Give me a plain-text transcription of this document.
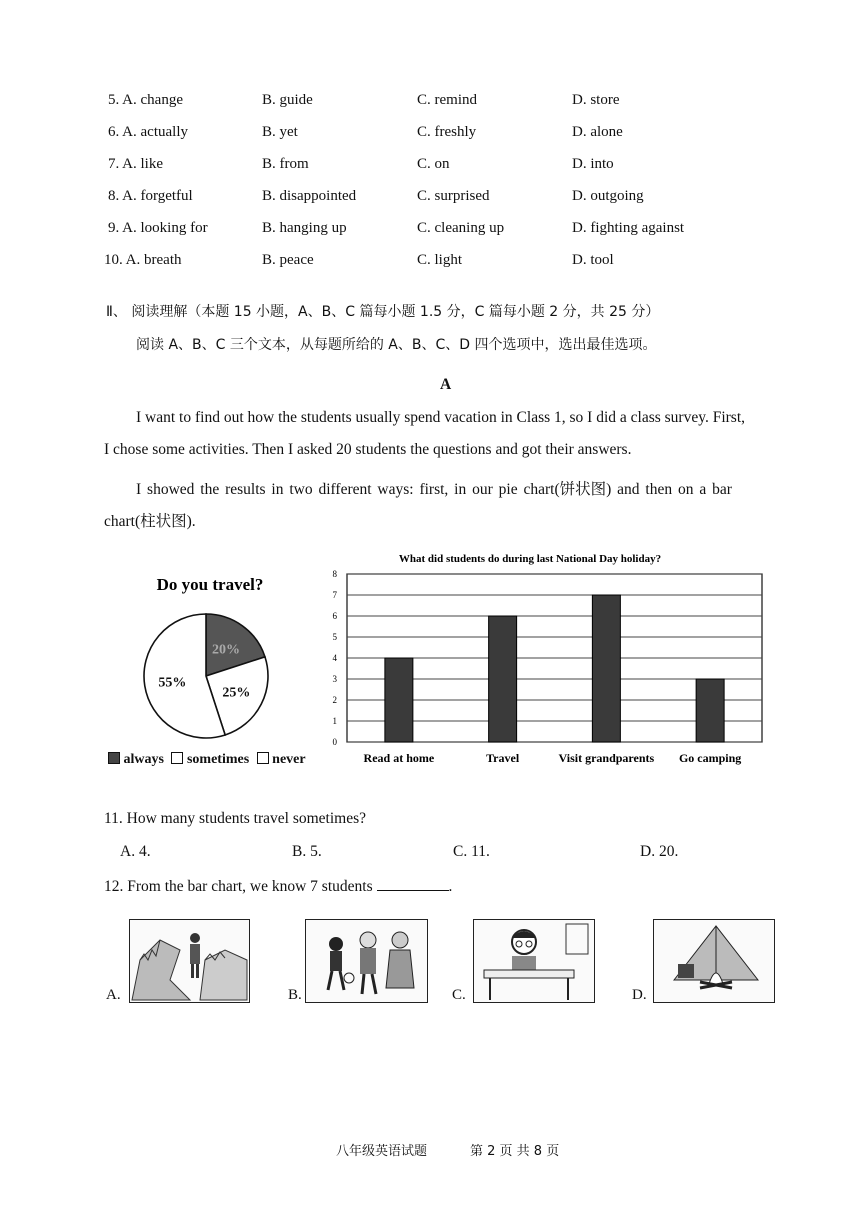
5. A. change	B. guide	C. remind	D. store
6. A. actually	B. yet	C. freshly	D. alone
7. A. like	B. from	C. on	D. into
8. A. forgetful	B. disappointed	C. surprised	D. outgoing
9. A. looking for	B. hanging up	C. cleaning up	D. fighting against
10. A. breath	B. peace	C. light	D. tool
Ⅱ、 阅读理解（本题 15 小题，A、B、C 篇每小题 1.5 分，C 篇每小题 2 分，共 25 分）
阅读 A、B、C 三个文本，从每题所给的 A、B、C、D 四个选项中，选出最佳选项。
A
I want to find out how the students usually spend vacation in Class 1, so I did a class survey. First,
I chose some activities. Then I asked 20 students the questions and got their answers.
I showed the results in two different ways: first, in our pie chart(饼状图) and then on a bar
chart(柱状图).
Do you travel?
20%
25%
55%
always sometimes never
What did students do during last National Day holiday?
0
1
2
3
4
5
6
7
8
Read at home	Travel	Visit grandparents Go camping
11. How many students travel sometimes?
A. 4.	B. 5.	C. 11.	D. 20.
12. From the bar chart, we know 7 students	.
A.	B.	C.	D.
八年级英语试题	第 2 页 共 8 页
